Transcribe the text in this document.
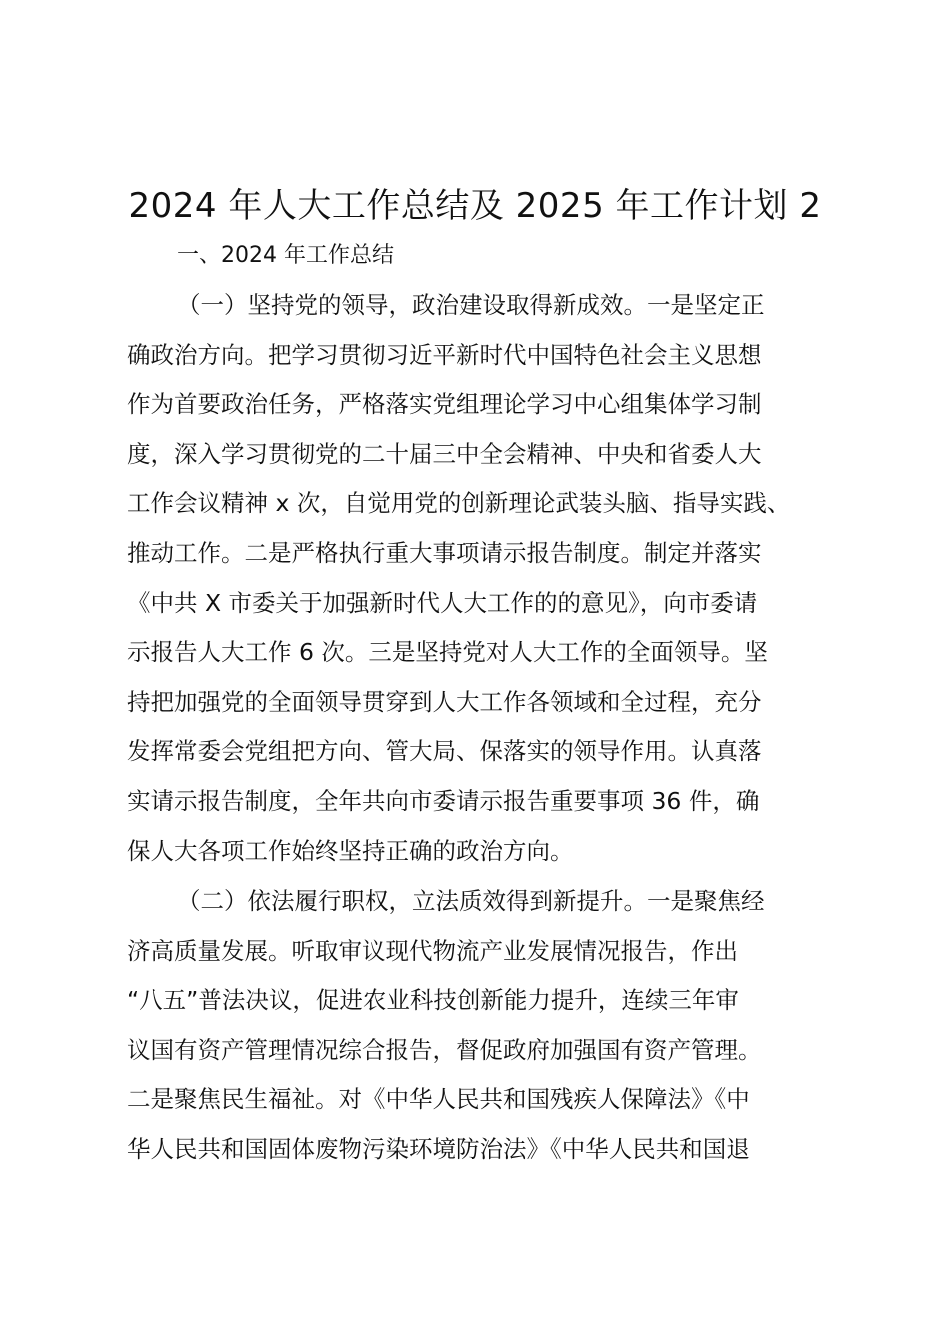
2024 年人大工作总结及 2025 年工作计划 2
一、2024 年工作总结
（一）坚持党的领导，政治建设取得新成效。一是坚定正
确政治方向。把学习贯彻习近平新时代中国特色社会主义思想
作为首要政治任务，严格落实党组理论学习中心组集体学习制
度，深入学习贯彻党的二十届三中全会精神、中央和省委人大
工作会议精神 x 次，自觉用党的创新理论武装头脑、指导实践、
推动工作。二是严格执行重大事项请示报告制度。制定并落实
《中共 X 市委关于加强新时代人大工作的的意见》，向市委请
示报告人大工作 6 次。三是坚持党对人大工作的全面领导。坚
持把加强党的全面领导贯穿到人大工作各领域和全过程，充分
发挥常委会党组把方向、管大局、保落实的领导作用。认真落
实请示报告制度，全年共向市委请示报告重要事项 36 件，确
保人大各项工作始终坚持正确的政治方向。
（二）依法履行职权，立法质效得到新提升。一是聚焦经
济高质量发展。听取审议现代物流产业发展情况报告，作出
“八五”普法决议，促进农业科技创新能力提升，连续三年审
议国有资产管理情况综合报告，督促政府加强国有资产管理。
二是聚焦民生福祉。对《中华人民共和国残疾人保障法》《中
华人民共和国固体废物污染环境防治法》《中华人民共和国退
